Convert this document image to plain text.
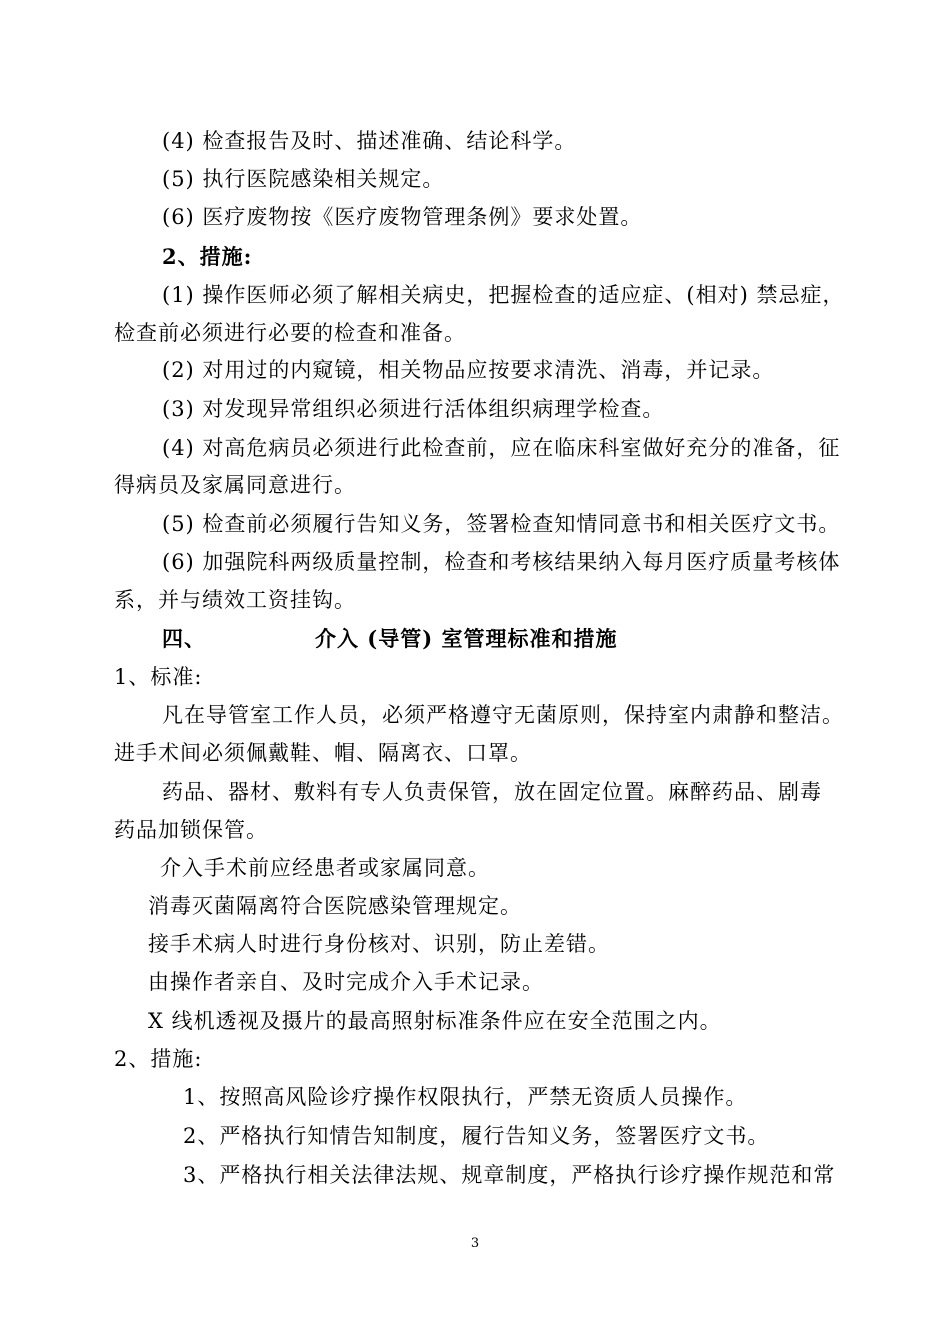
(4) 检查报告及时、描述准确、结论科学。
(5) 执行医院感染相关规定。
(6) 医疗废物按《医疗废物管理条例》要求处置。
2、措施:
(1) 操作医师必须了解相关病史，把握检查的适应症、(相对) 禁忌症，
检查前必须进行必要的检查和准备。
(2) 对用过的内窥镜，相关物品应按要求清洗、消毒，并记录。
(3) 对发现异常组织必须进行活体组织病理学检查。
(4) 对高危病员必须进行此检查前，应在临床科室做好充分的准备，征
得病员及家属同意进行。
(5) 检查前必须履行告知义务，签署检查知情同意书和相关医疗文书。
(6) 加强院科两级质量控制，检查和考核结果纳入每月医疗质量考核体
系，并与绩效工资挂钩。
四、	介入 (导管) 室管理标准和措施
1、标准:
凡在导管室工作人员，必须严格遵守无菌原则，保持室内肃静和整洁。
进手术间必须佩戴鞋、帽、隔离衣、口罩。
药品、器材、敷料有专人负责保管，放在固定位置。麻醉药品、剧毒
药品加锁保管。
介入手术前应经患者或家属同意。
消毒灭菌隔离符合医院感染管理规定。
接手术病人时进行身份核对、识别，防止差错。
由操作者亲自、及时完成介入手术记录。
X 线机透视及摄片的最高照射标准条件应在安全范围之内。
2、措施:
1、按照高风险诊疗操作权限执行，严禁无资质人员操作。
2、严格执行知情告知制度，履行告知义务，签署医疗文书。
3、严格执行相关法律法规、规章制度，严格执行诊疗操作规范和常
3
